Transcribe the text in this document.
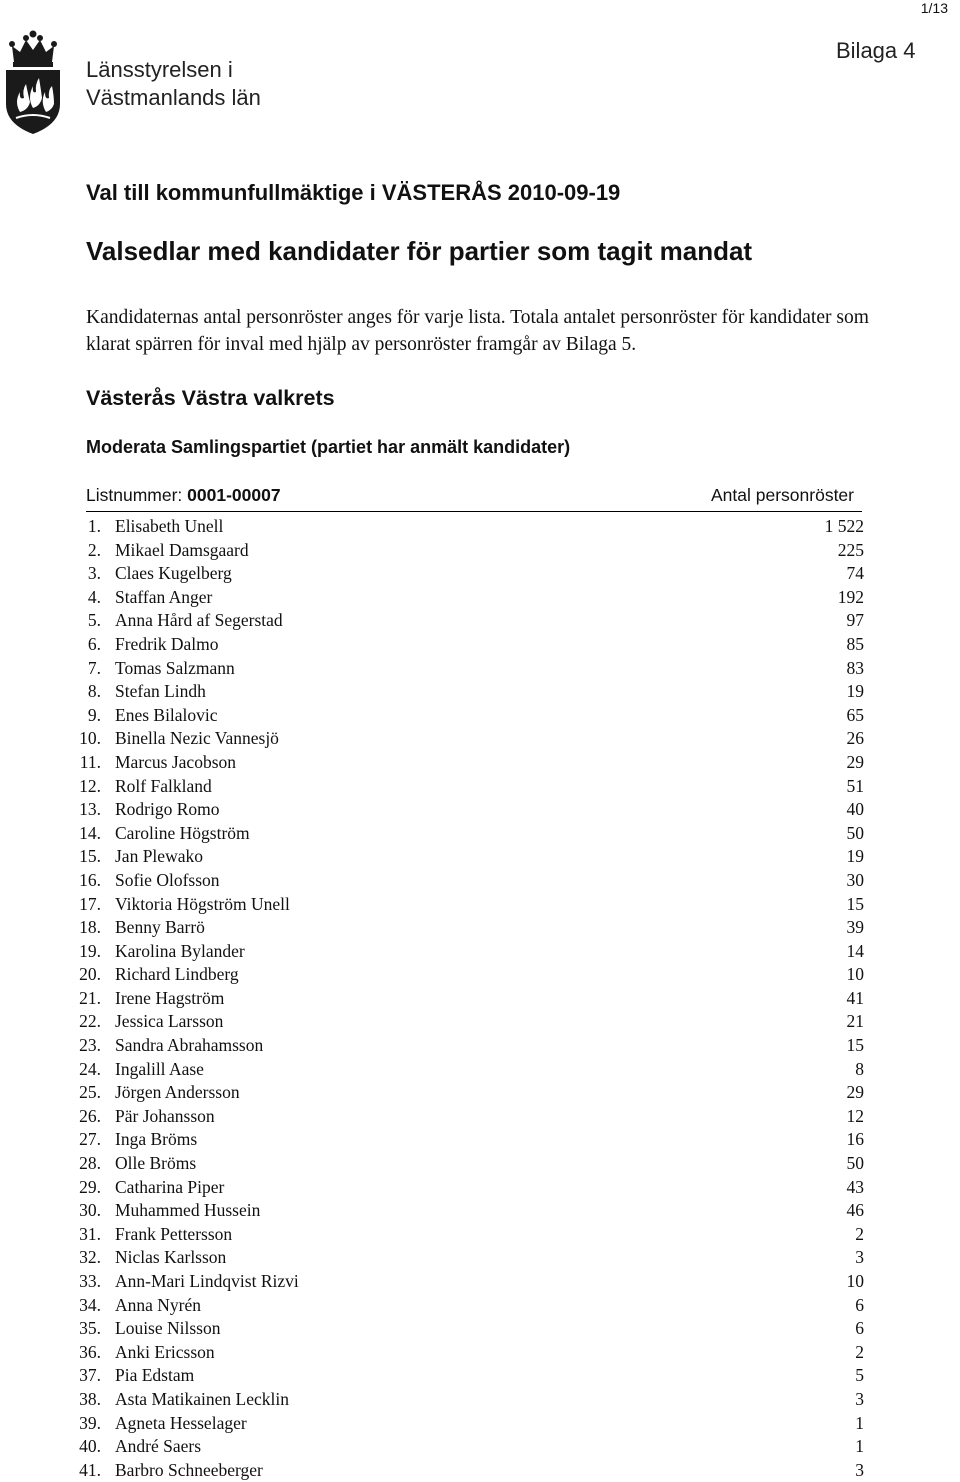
1/13
Länsstyrelsen i
Västmanlands län
Bilaga 4
Val till kommunfullmäktige i VÄSTERÅS 2010-09-19
Valsedlar med kandidater för partier som tagit mandat
Kandidaternas antal personröster anges för varje lista. Totala antalet personröster för kandidater som klarat spärren för inval med hjälp av personröster framgår av Bilaga 5.
Västerås Västra valkrets
Moderata Samlingspartiet (partiet har anmält kandidater)
Listnummer: 0001-00007	Antal personröster
1. Elisabeth Unell	1 522
2. Mikael Damsgaard	225
3. Claes Kugelberg	74
4. Staffan Anger	192
5. Anna Hård af Segerstad	97
6. Fredrik Dalmo	85
7. Tomas Salzmann	83
8. Stefan Lindh	19
9. Enes Bilalovic	65
10. Binella Nezic Vannesjö	26
11. Marcus Jacobson	29
12. Rolf Falkland	51
13. Rodrigo Romo	40
14. Caroline Högström	50
15. Jan Plewako	19
16. Sofie Olofsson	30
17. Viktoria Högström Unell	15
18. Benny Barrö	39
19. Karolina Bylander	14
20. Richard Lindberg	10
21. Irene Hagström	41
22. Jessica Larsson	21
23. Sandra Abrahamsson	15
24. Ingalill Aase	8
25. Jörgen Andersson	29
26. Pär Johansson	12
27. Inga Bröms	16
28. Olle Bröms	50
29. Catharina Piper	43
30. Muhammed Hussein	46
31. Frank Pettersson	2
32. Niclas Karlsson	3
33. Ann-Mari Lindqvist Rizvi	10
34. Anna Nyrén	6
35. Louise Nilsson	6
36. Anki Ericsson	2
37. Pia Edstam	5
38. Asta Matikainen Lecklin	3
39. Agneta Hesselager	1
40. André Saers	1
41. Barbro Schneeberger	3
